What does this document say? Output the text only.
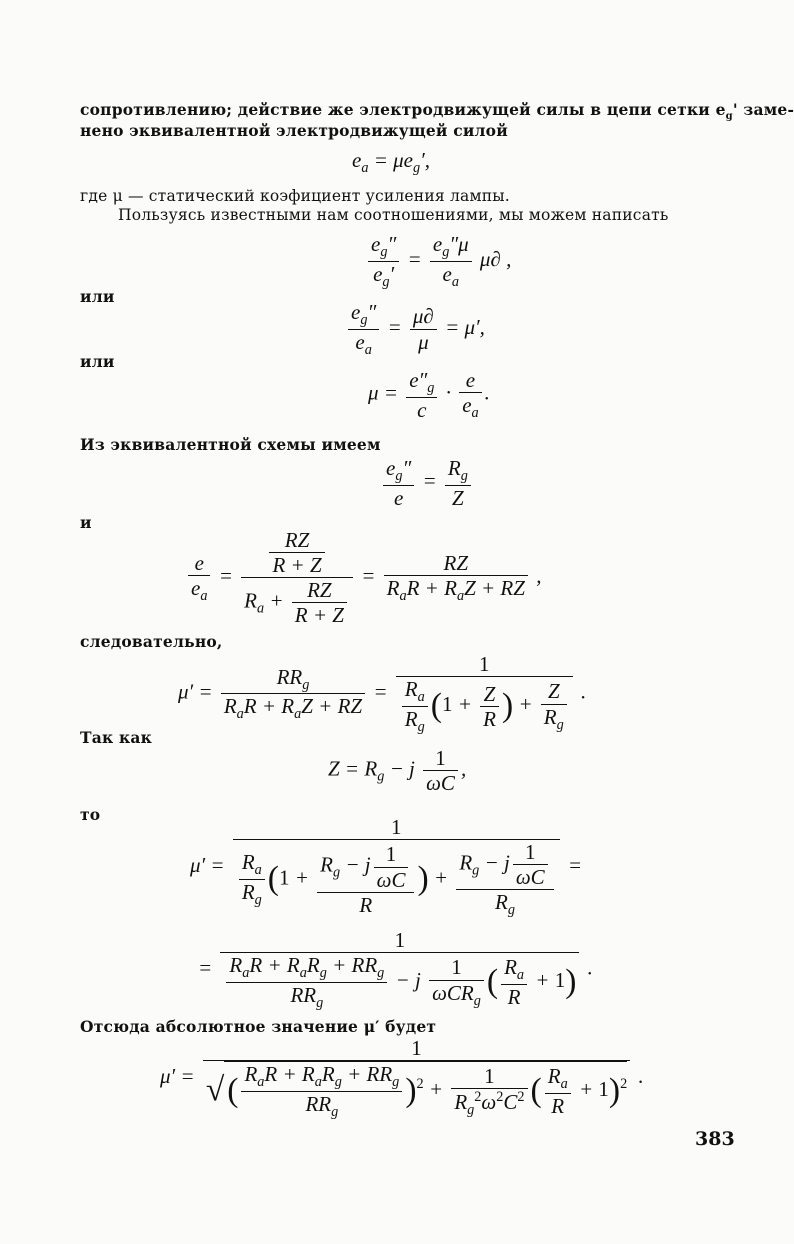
сопротивлению; действие же электродвижущей силы в цепи сетки $e_g'$ заме-
нено эквивалентной электродвижущей силой
$e_a = \mu e_g'$,
где μ — статический коэфициент усиления лампы.
Пользуясь известными нам соотношениями, мы можем написать
$\frac{e_g''}{e_g'} = \frac{e_g''\mu}{e_a} \mu\partial$ ,
или
$\frac{e_g''}{e_a} = \frac{\mu\partial}{\mu} = \mu'$,
или
$\mu = \frac{e''_g}{c} \cdot \frac{e}{e_a}$ .
Из эквивалентной схемы имеем
$\frac{e_g''}{e} = \frac{R_g}{Z}$
и
$\frac{e}{e_a} = \frac{\frac{RZ}{R + Z}}{R_a + \frac{RZ}{R + Z}} = \frac{RZ}{R_aR + R_aZ + RZ}$ ,
следовательно,
$\mu' = \frac{RR_g}{R_aR + R_aZ + RZ} = \frac{1}{\frac{R_a}{R_g} (1 + \frac{Z}{R} ) + \frac{Z}{R_g}}$ .
Так как
$Z = R_g - j \frac{1}{\omega C}$ ,
то
$\mu' = \frac{1}{\frac{R_a}{R_g} (1 + \frac{R_g - j \frac{1}{\omega C}}{R} ) + \frac{R_g - j \frac{1}{\omega C}}{R_g}}$ =
= $\frac{1}{\frac{R_aR + R_aR_g + RR_g}{RR_g} - j \frac{1}{\omega CR_g} ( \frac{R_a}{R} + 1)}$ .
Отсюда абсолютное значение μ′ будет
$\mu' = \frac{1}{√( \frac{R_aR + R_aR_g + RR_g}{RR_g} )^2 + \frac{1}{R_g^2\omega^2C^2} ( \frac{R_a}{R} + 1)^2}$ .
383
